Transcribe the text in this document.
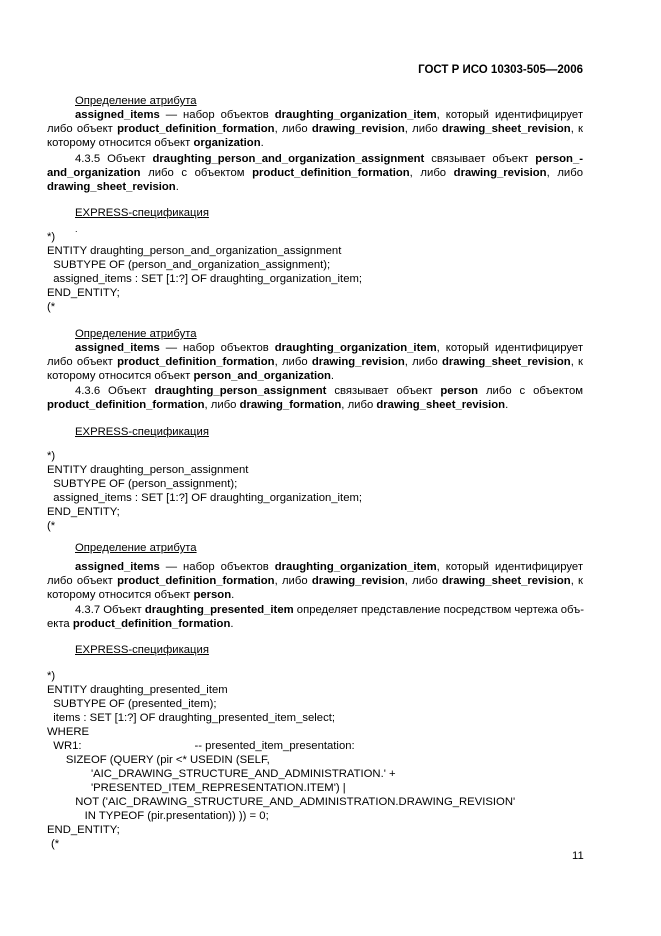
ГОСТ Р ИСО 10303-505—2006
Определение атрибута
assigned_items — набор объектов draughting_organization_item, который идентифицирует
либо объект product_definition_formation, либо drawing_revision, либо drawing_sheet_revision, к
которому относится объект organization.
4.3.5 Объект draughting_person_and_organization_assignment связывает объект person_-
and_organization либо с объектом product_definition_formation, либо drawing_revision, либо
drawing_sheet_revision.
EXPRESS-спецификация
.
*)
ENTITY draughting_person_and_organization_assignment
SUBTYPE OF (person_and_organization_assignment);
assigned_items : SET [1:?] OF draughting_organization_item;
END_ENTITY;
(*
Определение атрибута
assigned_items — набор объектов draughting_organization_item, который идентифицирует
либо объект product_definition_formation, либо drawing_revision, либо drawing_sheet_revision, к
которому относится объект person_and_organization.
4.3.6 Объект draughting_person_assignment связывает объект person либо с объектом
product_definition_formation, либо drawing_formation, либо drawing_sheet_revision.
EXPRESS-спецификация
*)
ENTITY draughting_person_assignment
SUBTYPE OF (person_assignment);
assigned_items : SET [1:?] OF draughting_organization_item;
END_ENTITY;
(*
Определение атрибута
assigned_items — набор объектов draughting_organization_item, который идентифицирует
либо объект product_definition_formation, либо drawing_revision, либо drawing_sheet_revision, к
которому относится объект person.
4.3.7 Объект draughting_presented_item определяет представление посредством чертежа объ-
екта product_definition_formation.
EXPRESS-спецификация
*)
ENTITY draughting_presented_item
SUBTYPE OF (presented_item);
items : SET [1:?] OF draughting_presented_item_select;
WHERE
WR1:                                    -- presented_item_presentation:
SIZEOF (QUERY (pir <* USEDIN (SELF,
'AIC_DRAWING_STRUCTURE_AND_ADMINISTRATION.' +
'PRESENTED_ITEM_REPRESENTATION.ITEM') |
NOT ('AIC_DRAWING_STRUCTURE_AND_ADMINISTRATION.DRAWING_REVISION'
IN TYPEOF (pir.presentation)) )) = 0;
END_ENTITY;
(*
11
